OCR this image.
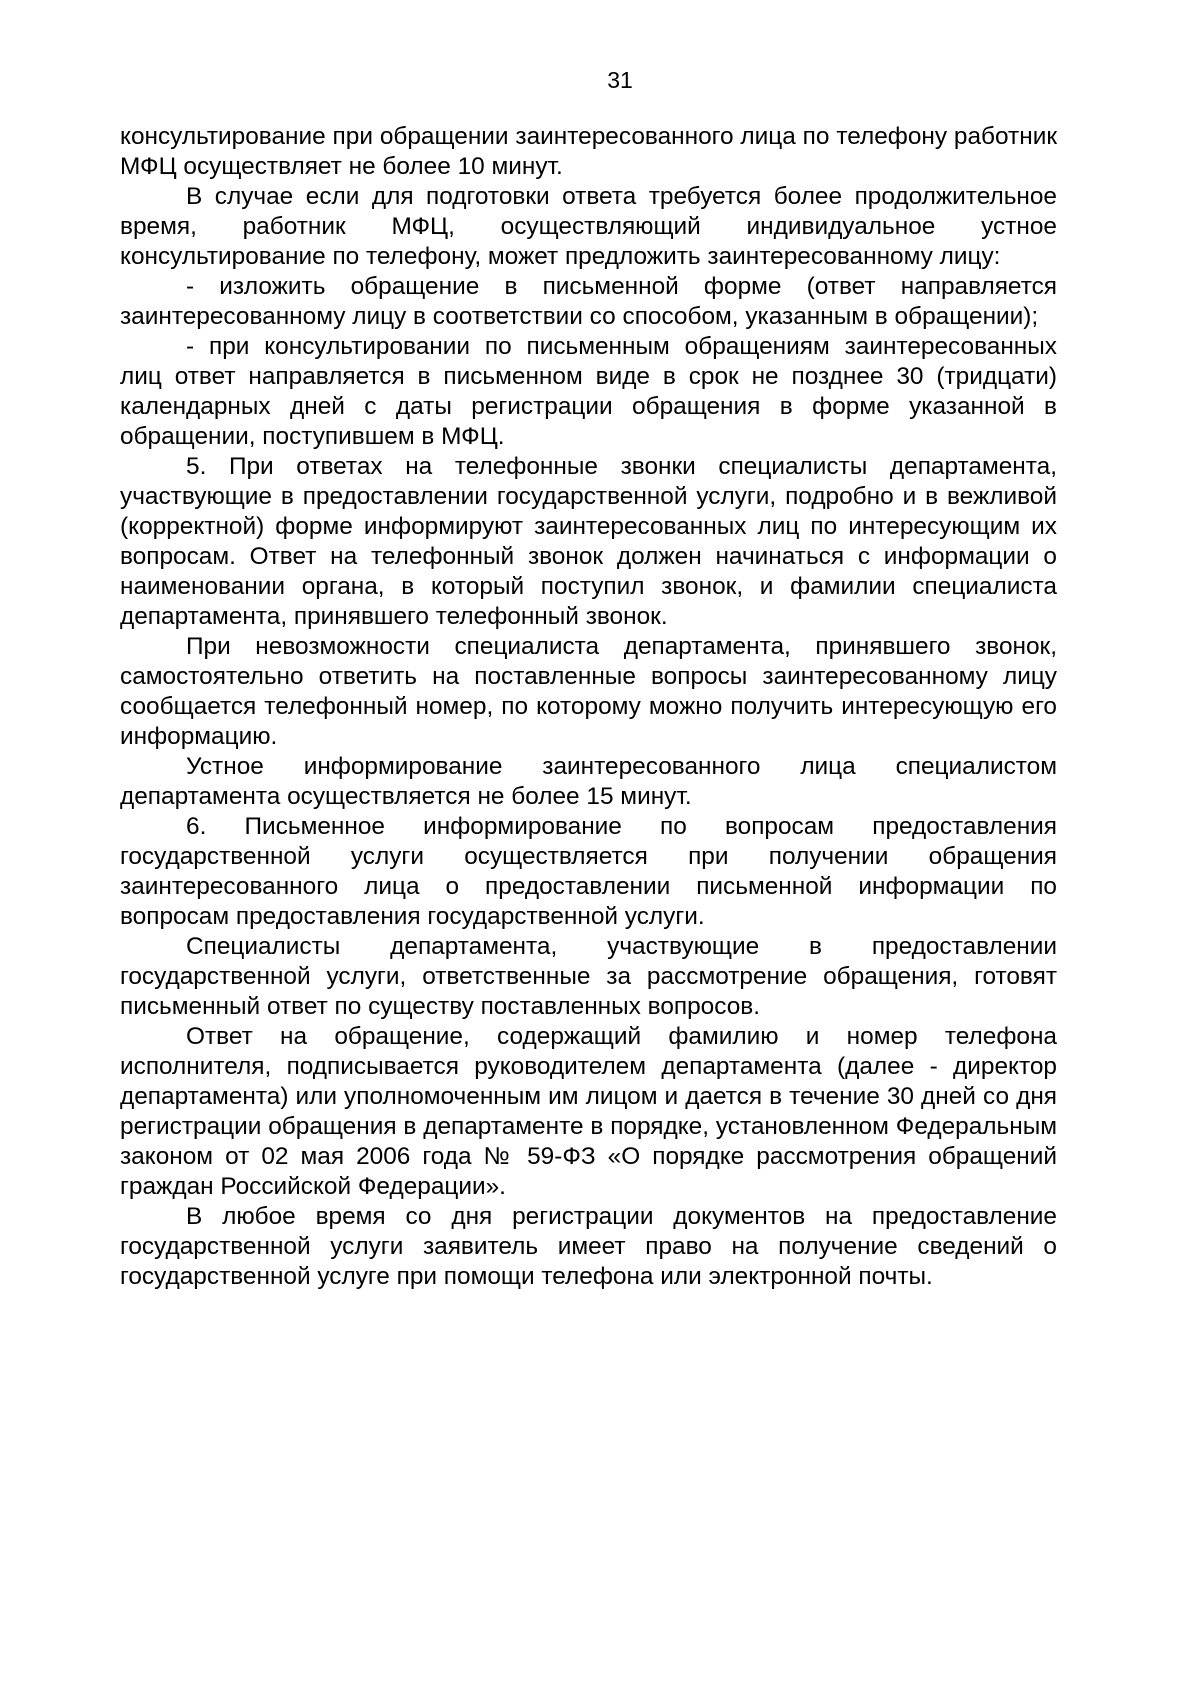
31

консультирование при обращении заинтересованного лица по телефону работник МФЦ осуществляет не более 10 минут.

В случае если для подготовки ответа требуется более продолжительное время, работник МФЦ, осуществляющий индивидуальное устное консультирование по телефону, может предложить заинтересованному лицу:

- изложить обращение в письменной форме (ответ направляется заинтересованному лицу в соответствии со способом, указанным в обращении);

- при консультировании по письменным обращениям заинтересованных лиц ответ направляется в письменном виде в срок не позднее 30 (тридцати) календарных дней с даты регистрации обращения в форме указанной в обращении, поступившем в МФЦ.

5. При ответах на телефонные звонки специалисты департамента, участвующие в предоставлении государственной услуги, подробно и в вежливой (корректной) форме информируют заинтересованных лиц по интересующим их вопросам. Ответ на телефонный звонок должен начинаться с информации о наименовании органа, в который поступил звонок, и фамилии специалиста департамента, принявшего телефонный звонок.

При невозможности специалиста департамента, принявшего звонок, самостоятельно ответить на поставленные вопросы заинтересованному лицу сообщается телефонный номер, по которому можно получить интересующую его информацию.

Устное информирование заинтересованного лица специалистом департамента осуществляется не более 15 минут.

6. Письменное информирование по вопросам предоставления государственной услуги осуществляется при получении обращения заинтересованного лица о предоставлении письменной информации по вопросам предоставления государственной услуги.

Специалисты департамента, участвующие в предоставлении государственной услуги, ответственные за рассмотрение обращения, готовят письменный ответ по существу поставленных вопросов.

Ответ на обращение, содержащий фамилию и номер телефона исполнителя, подписывается руководителем департамента (далее - директор департамента) или уполномоченным им лицом и дается в течение 30 дней со дня регистрации обращения в департаменте в порядке, установленном Федеральным законом от 02 мая 2006 года № 59-ФЗ «О порядке рассмотрения обращений граждан Российской Федерации».

В любое время со дня регистрации документов на предоставление государственной услуги заявитель имеет право на получение сведений о государственной услуге при помощи телефона или электронной почты.
